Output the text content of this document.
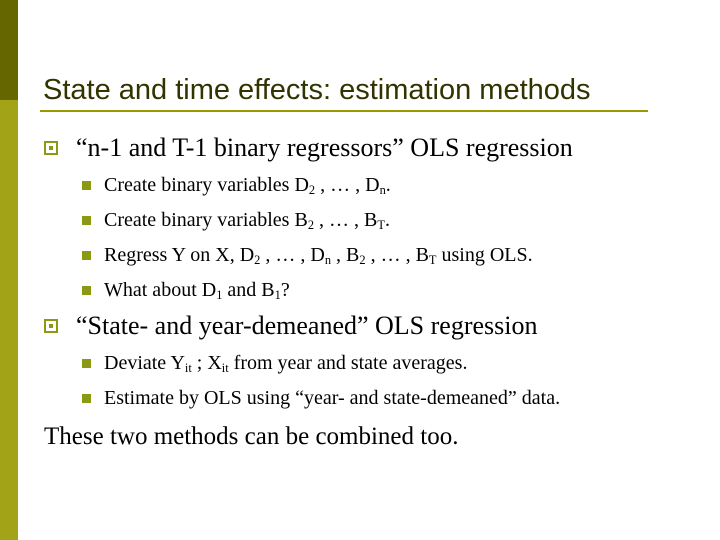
State and time effects: estimation methods
“n-1 and T-1 binary regressors” OLS regression
Create binary variables $D_2$ , … , $D_n$.
Create binary variables $B_2$ , … , $B_T$.
Regress Y on X, $D_2$ , … , $D_n$ , $B_2$ , … , $B_T$ using OLS.
What about $D_1$ and $B_1$?
“State- and year-demeaned” OLS regression
Deviate $Y_{it}$ ; $X_{it}$ from year and state averages.
Estimate by OLS using “year- and state-demeaned” data.
These two methods can be combined too.
